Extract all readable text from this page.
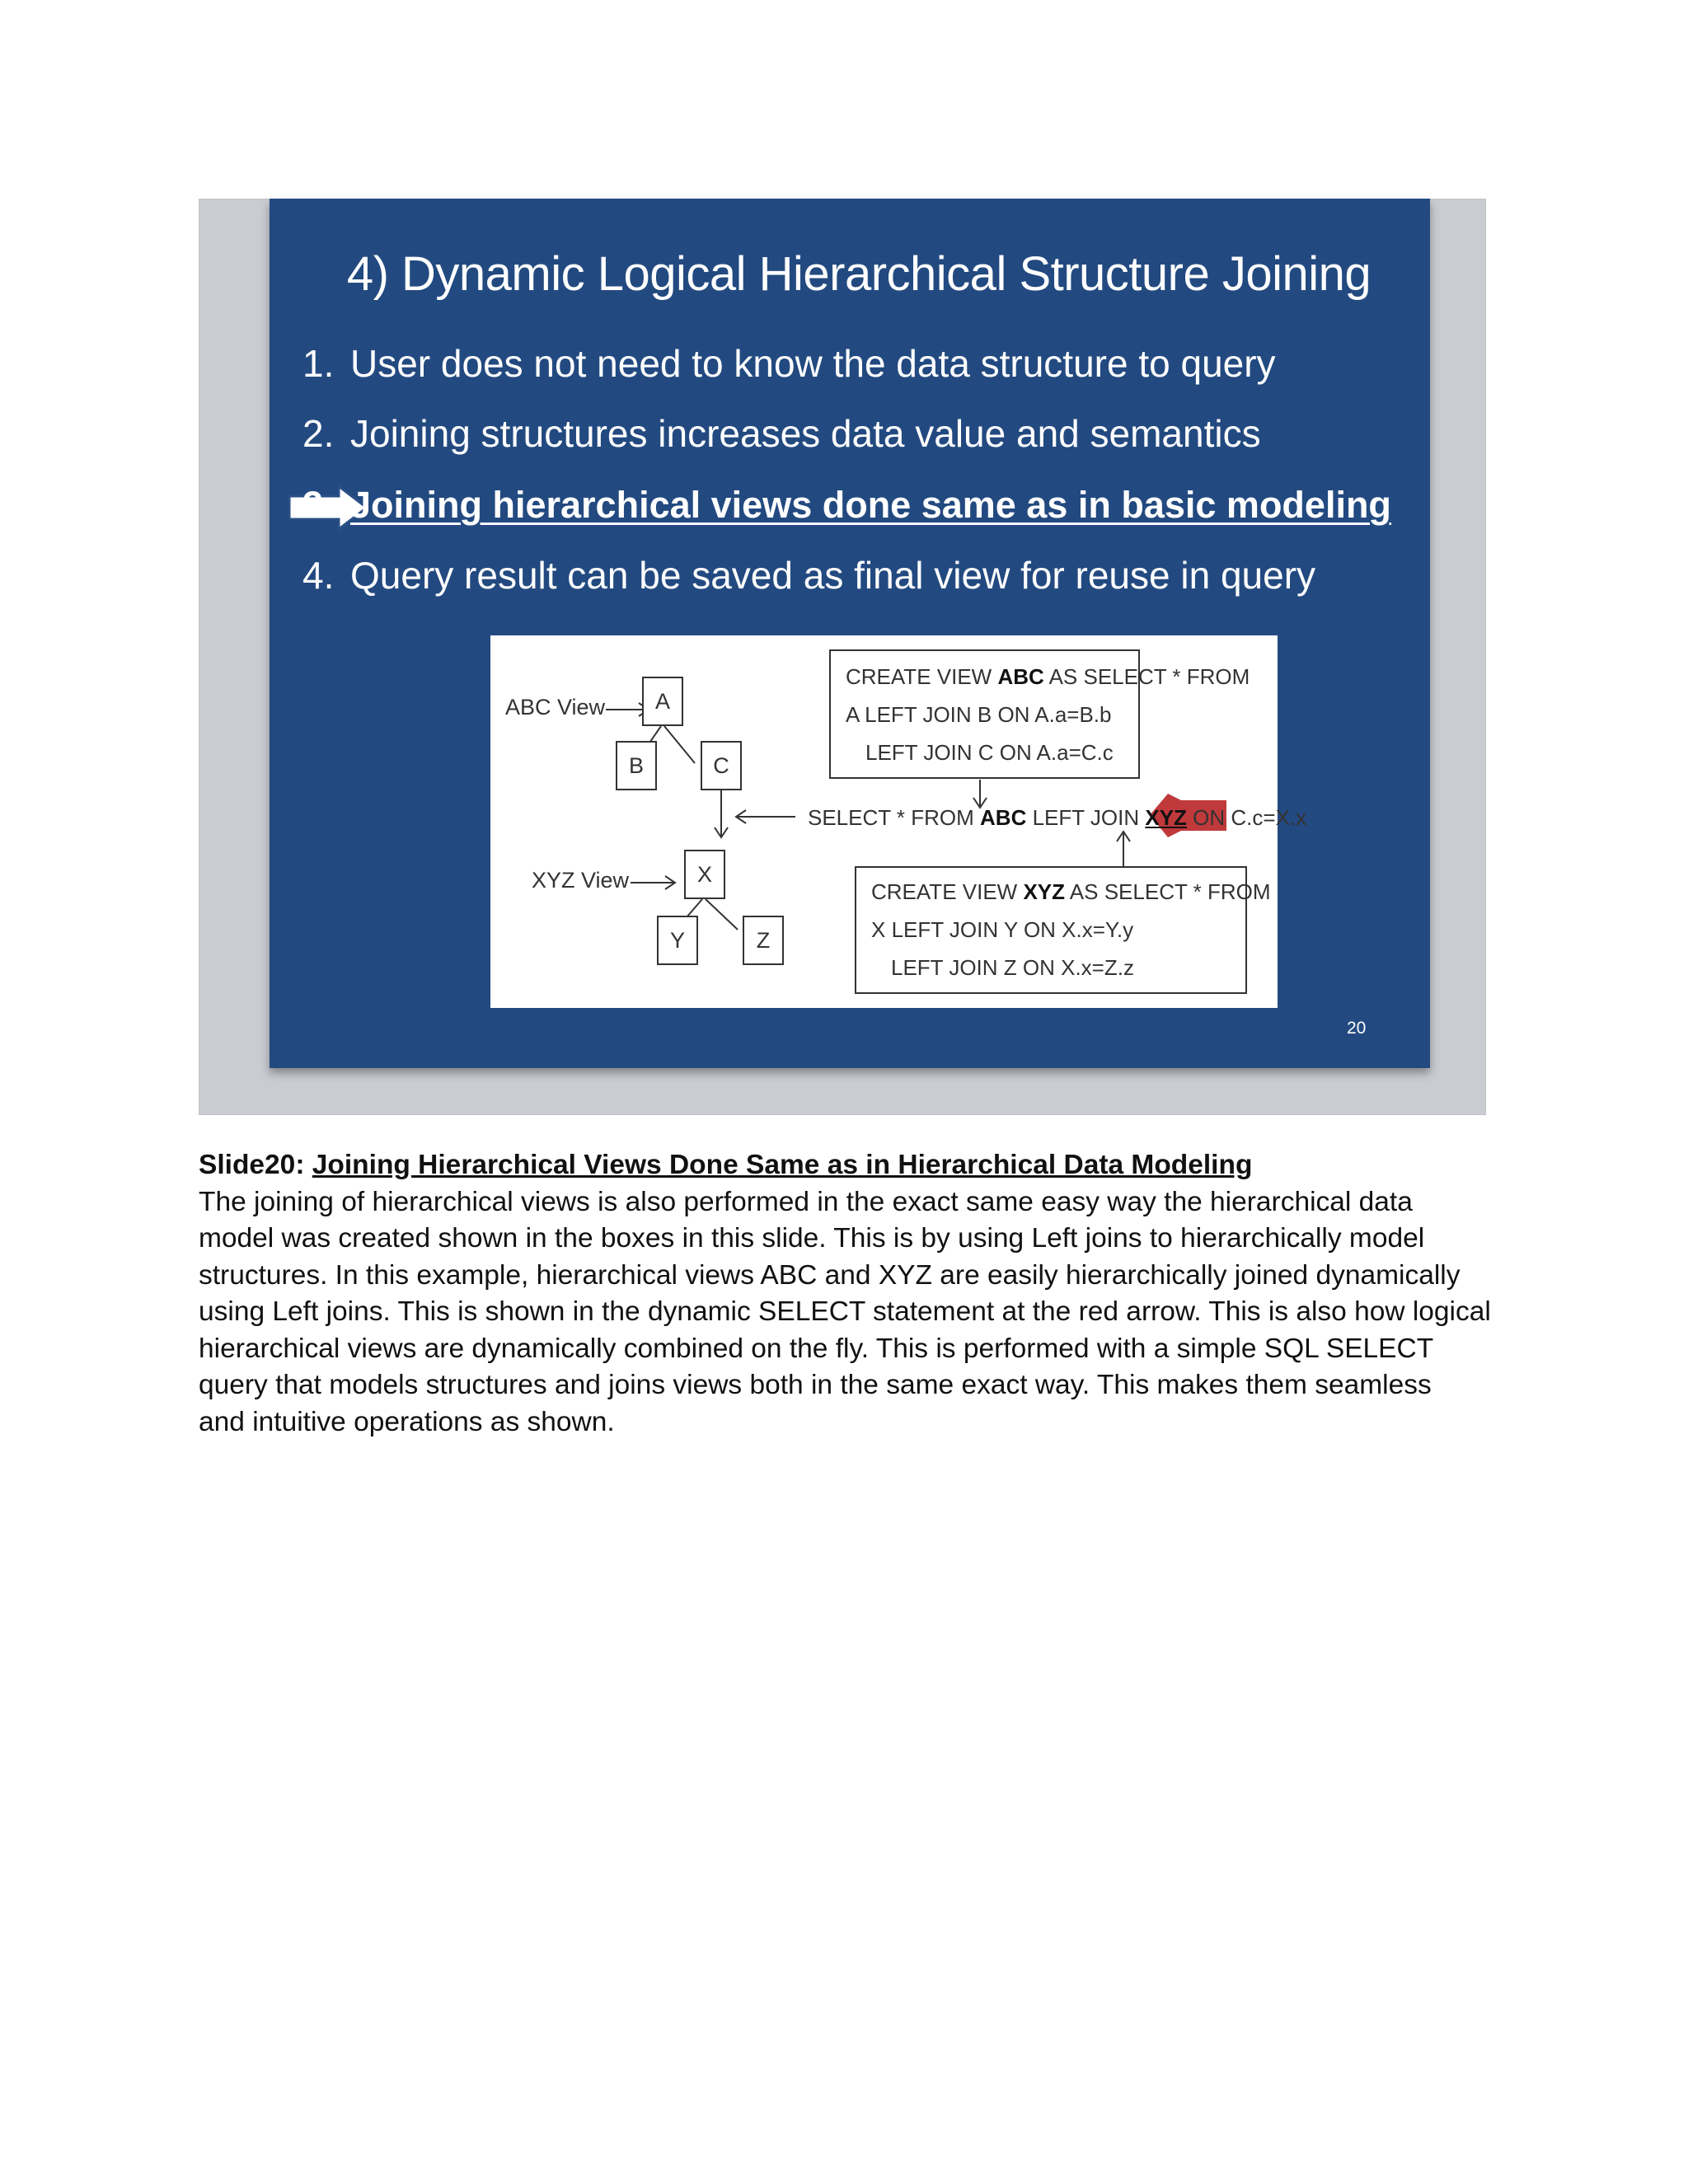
4) Dynamic Logical Hierarchical Structure Joining
1. User does not need to know the data structure to query
2. Joining structures increases data value and semantics
3. Joining hierarchical views done same as in basic modeling
4. Query result can be saved as final view for reuse in query
ABC View
XYZ View
A
B	C
X
Y	Z
CREATE VIEW ABC AS SELECT * FROM
A LEFT JOIN B ON A.a=B.b
LEFT JOIN C ON A.a=C.c
SELECT * FROM ABC LEFT JOIN XYZ ON C.c=X.x
CREATE VIEW XYZ AS SELECT * FROM
X LEFT JOIN Y ON X.x=Y.y
LEFT JOIN Z ON X.x=Z.z
20
Slide20: Joining Hierarchical Views Done Same as in Hierarchical Data Modeling
The joining of hierarchical views is also performed in the exact same easy way the hierarchical data
model was created shown in the boxes in this slide. This is by using Left joins to hierarchically model
structures. In this example, hierarchical views ABC and XYZ are easily hierarchically joined dynamically
using Left joins. This is shown in the dynamic SELECT statement at the red arrow. This is also how logical
hierarchical views are dynamically combined on the fly. This is performed with a simple SQL SELECT
query that models structures and joins views both in the same exact way. This makes them seamless
and intuitive operations as shown.
